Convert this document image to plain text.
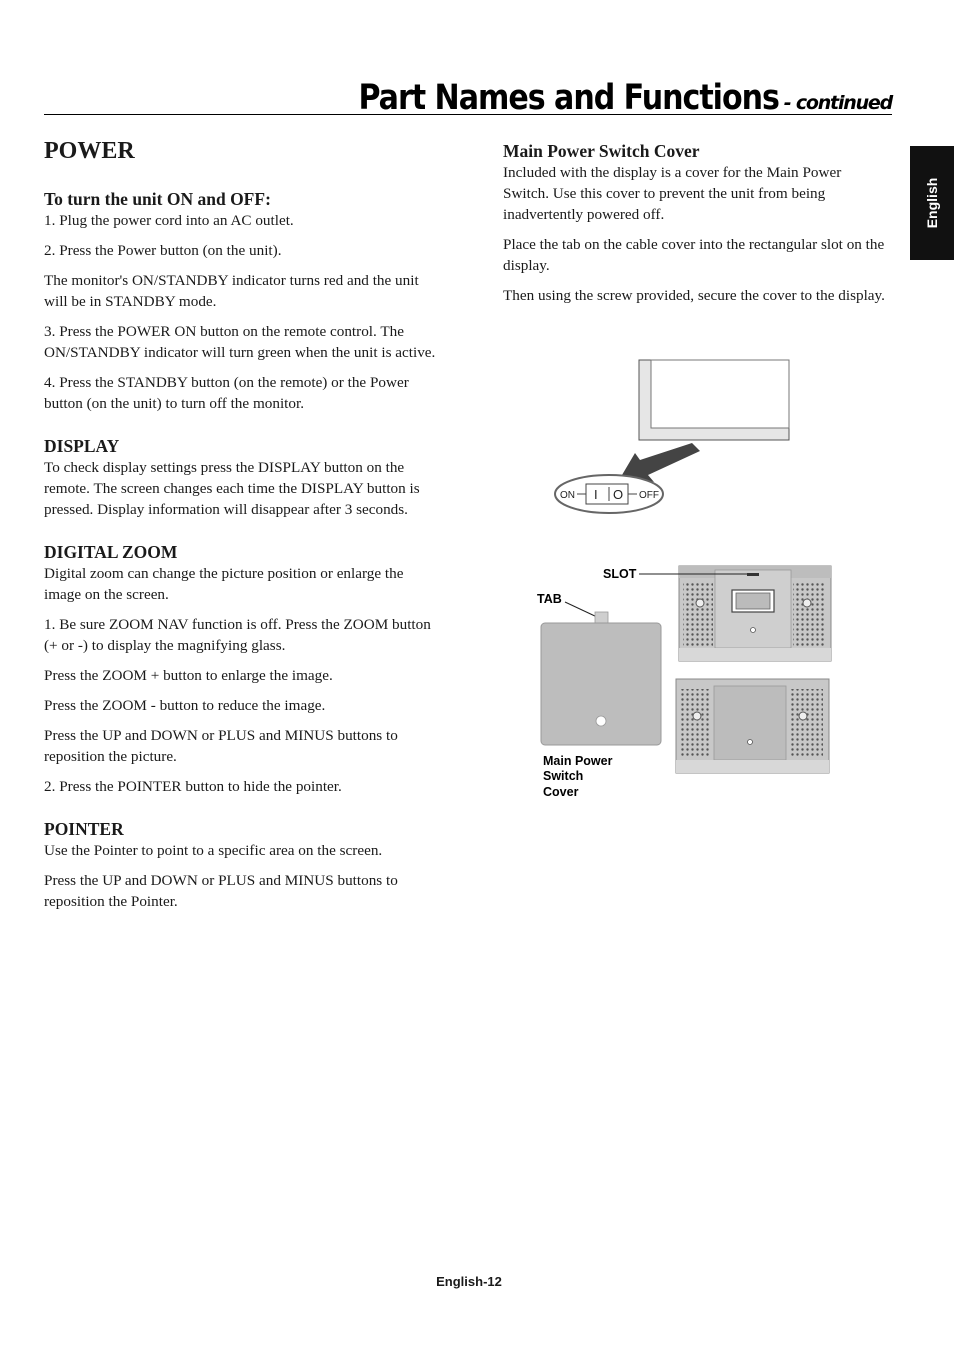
Part Names and Functions - continued
English
POWER
To turn the unit ON and OFF:

1. Plug the power cord into an AC outlet.

2. Press the Power button (on the unit).

The monitor's ON/STANDBY indicator turns red and the unit will be in STANDBY mode.

3. Press the POWER ON button on the remote control. The ON/STANDBY indicator will turn green when the unit is active.

4. Press the STANDBY button (on the remote) or the Power button (on the unit) to turn off the monitor.

DISPLAY

To check display settings press the DISPLAY button on the remote. The screen changes each time the DISPLAY button is pressed. Display information will disappear after 3 seconds.

DIGITAL ZOOM

Digital zoom can change the picture position or enlarge the image on the screen.

1. Be sure ZOOM NAV function is off. Press the ZOOM button (+ or -) to display the magnifying glass.

Press the ZOOM + button to enlarge the image.

Press the ZOOM - button to reduce the image.

Press the UP and DOWN or PLUS and MINUS buttons to reposition the picture.

2. Press the POINTER button to hide the pointer.

POINTER

Use the Pointer to point to a specific area on the screen.

Press the UP and DOWN or PLUS and MINUS buttons to reposition the Pointer.

Main Power Switch Cover

Included with the display is a cover for the Main Power Switch. Use this cover to prevent the unit from being inadvertently powered off.

Place the tab on the cable cover into the rectangular slot on the display.

Then using the screw provided, secure the cover to the display.

ON I O OFF
SLOT
TAB
Main Power
Switch
Cover
English-12
